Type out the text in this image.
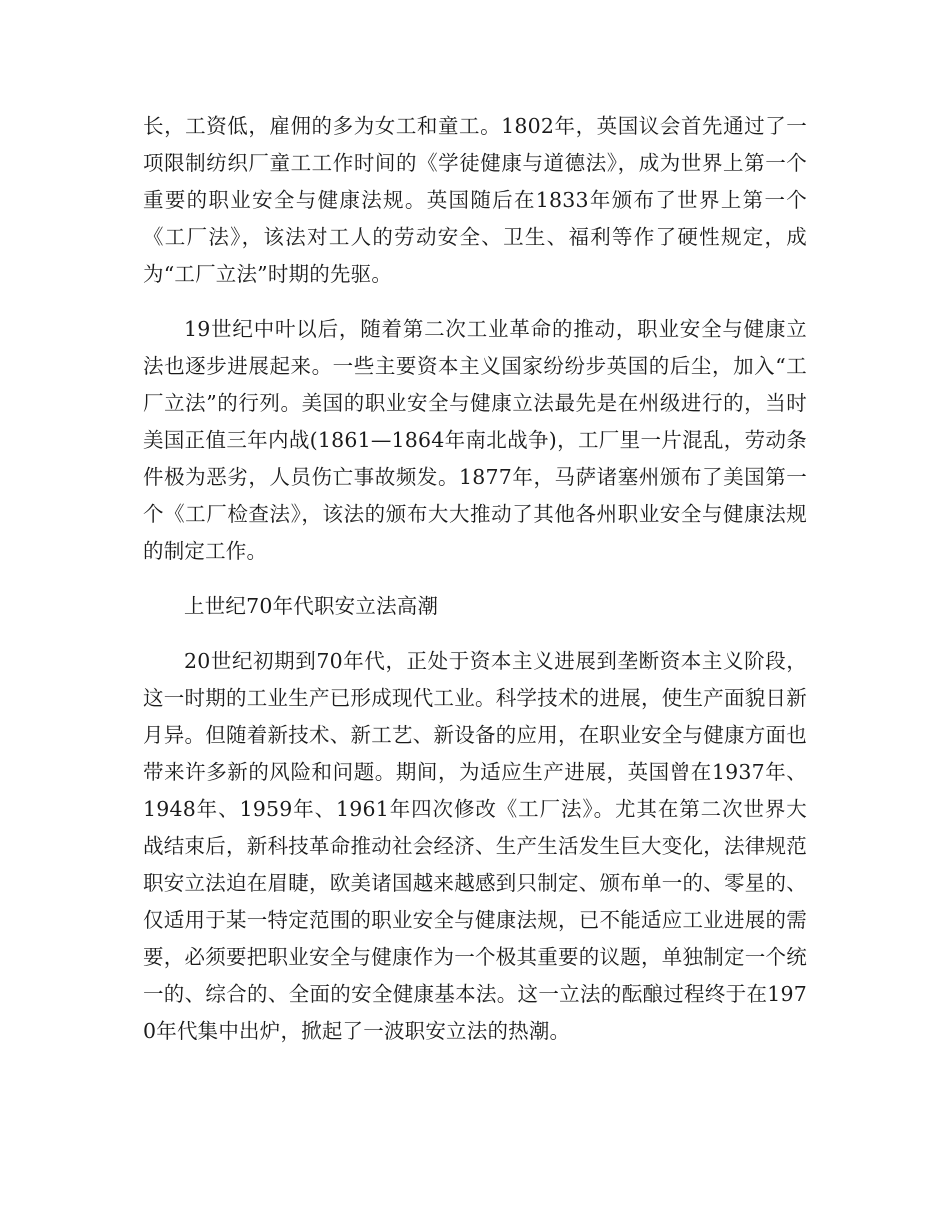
长，工资低，雇佣的多为女工和童工。1802年，英国议会首先通过了一项限制纺织厂童工工作时间的《学徒健康与道德法》，成为世界上第一个重要的职业安全与健康法规。英国随后在1833年颁布了世界上第一个《工厂法》，该法对工人的劳动安全、卫生、福利等作了硬性规定，成为“工厂立法”时期的先驱。

19世纪中叶以后，随着第二次工业革命的推动，职业安全与健康立法也逐步进展起来。一些主要资本主义国家纷纷步英国的后尘，加入“工厂立法”的行列。美国的职业安全与健康立法最先是在州级进行的，当时美国正值三年内战(1861—1864年南北战争)，工厂里一片混乱，劳动条件极为恶劣，人员伤亡事故频发。1877年，马萨诸塞州颁布了美国第一个《工厂检查法》，该法的颁布大大推动了其他各州职业安全与健康法规的制定工作。

上世纪70年代职安立法高潮

20世纪初期到70年代，正处于资本主义进展到垄断资本主义阶段，这一时期的工业生产已形成现代工业。科学技术的进展，使生产面貌日新月异。但随着新技术、新工艺、新设备的应用，在职业安全与健康方面也带来许多新的风险和问题。期间，为适应生产进展，英国曾在1937年、1948年、1959年、1961年四次修改《工厂法》。尤其在第二次世界大战结束后，新科技革命推动社会经济、生产生活发生巨大变化，法律规范职安立法迫在眉睫，欧美诸国越来越感到只制定、颁布单一的、零星的、仅适用于某一特定范围的职业安全与健康法规，已不能适应工业进展的需要，必须要把职业安全与健康作为一个极其重要的议题，单独制定一个统一的、综合的、全面的安全健康基本法。这一立法的酝酿过程终于在1970年代集中出炉，掀起了一波职安立法的热潮。
